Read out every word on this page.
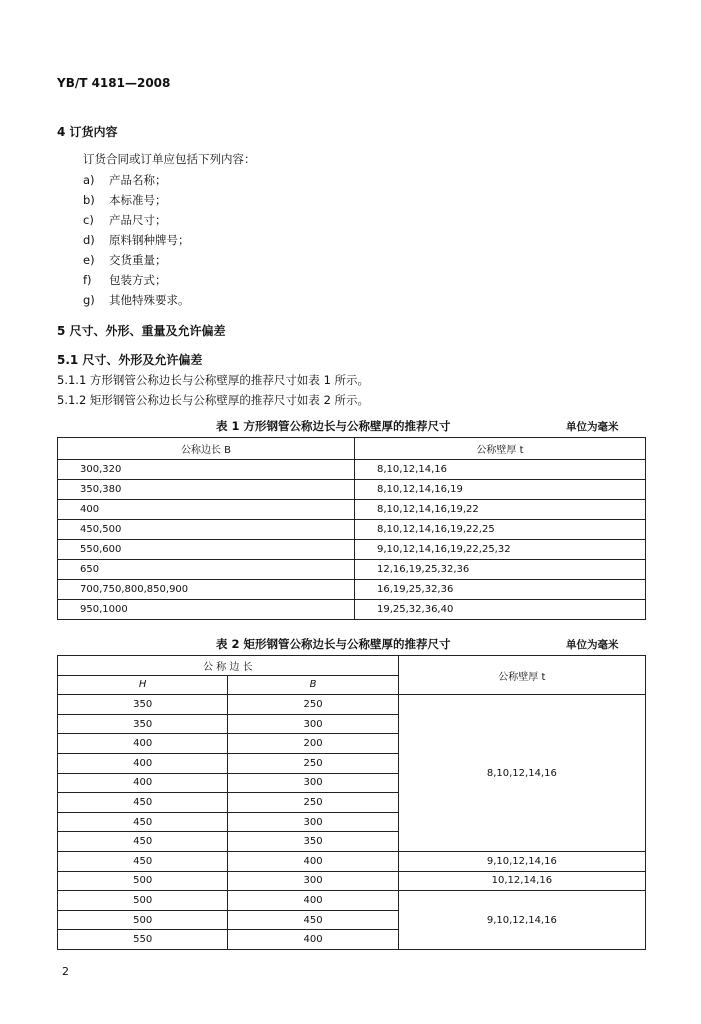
YB/T 4181—2008
4 订货内容
订货合同或订单应包括下列内容：
a) 产品名称；
b) 本标准号；
c) 产品尺寸；
d) 原料钢种牌号；
e) 交货重量；
f) 包装方式；
g) 其他特殊要求。
5 尺寸、外形、重量及允许偏差
5.1 尺寸、外形及允许偏差
5.1.1 方形钢管公称边长与公称壁厚的推荐尺寸如表 1 所示。
5.1.2 矩形钢管公称边长与公称壁厚的推荐尺寸如表 2 所示。
表 1 方形钢管公称边长与公称壁厚的推荐尺寸	单位为毫米
公称边长 B	公称壁厚 t
300,320	8,10,12,14,16
350,380	8,10,12,14,16,19
400	8,10,12,14,16,19,22
450,500	8,10,12,14,16,19,22,25
550,600	9,10,12,14,16,19,22,25,32
650	12,16,19,25,32,36
700,750,800,850,900	16,19,25,32,36
950,1000	19,25,32,36,40
表 2 矩形钢管公称边长与公称壁厚的推荐尺寸	单位为毫米
公 称 边 长		公称壁厚 t
H	B	
350	250	8,10,12,14,16
350	300	
400	200	
400	250	
400	300	
450	250	
450	300	
450	350	
450	400	9,10,12,14,16
500	300	10,12,14,16
500	400	9,10,12,14,16
500	450	
550	400	
2
